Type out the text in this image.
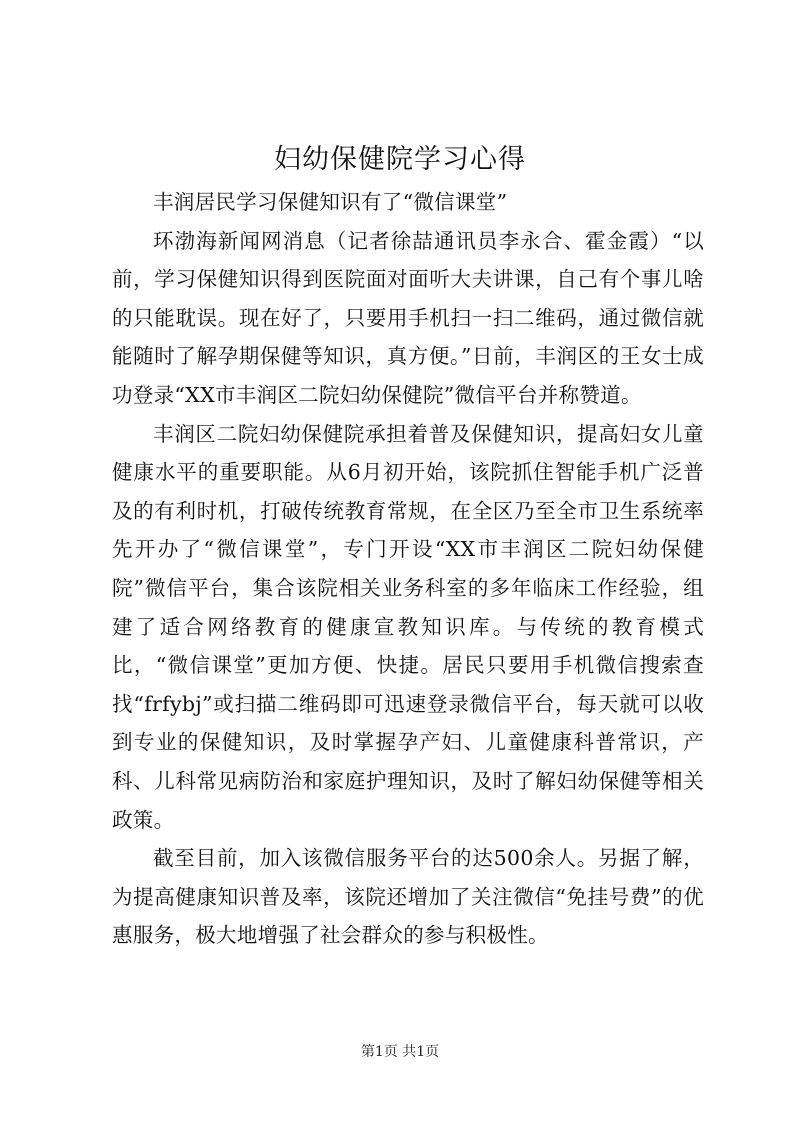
妇幼保健院学习心得

丰润居民学习保健知识有了“微信课堂”

环渤海新闻网消息（记者徐喆通讯员李永合、霍金霞）“以前，学习保健知识得到医院面对面听大夫讲课，自己有个事儿啥的只能耽误。现在好了，只要用手机扫一扫二维码，通过微信就能随时了解孕期保健等知识，真方便。”日前，丰润区的王女士成功登录“XX市丰润区二院妇幼保健院”微信平台并称赞道。

丰润区二院妇幼保健院承担着普及保健知识，提高妇女儿童健康水平的重要职能。从6月初开始，该院抓住智能手机广泛普及的有利时机，打破传统教育常规，在全区乃至全市卫生系统率先开办了“微信课堂”，专门开设“XX市丰润区二院妇幼保健院”微信平台，集合该院相关业务科室的多年临床工作经验，组建了适合网络教育的健康宣教知识库。与传统的教育模式比，“微信课堂”更加方便、快捷。居民只要用手机微信搜索查找“frfybj”或扫描二维码即可迅速登录微信平台，每天就可以收到专业的保健知识，及时掌握孕产妇、儿童健康科普常识，产科、儿科常见病防治和家庭护理知识，及时了解妇幼保健等相关政策。

截至目前，加入该微信服务平台的达500余人。另据了解，为提高健康知识普及率，该院还增加了关注微信“免挂号费”的优惠服务，极大地增强了社会群众的参与积极性。

第1页 共1页
